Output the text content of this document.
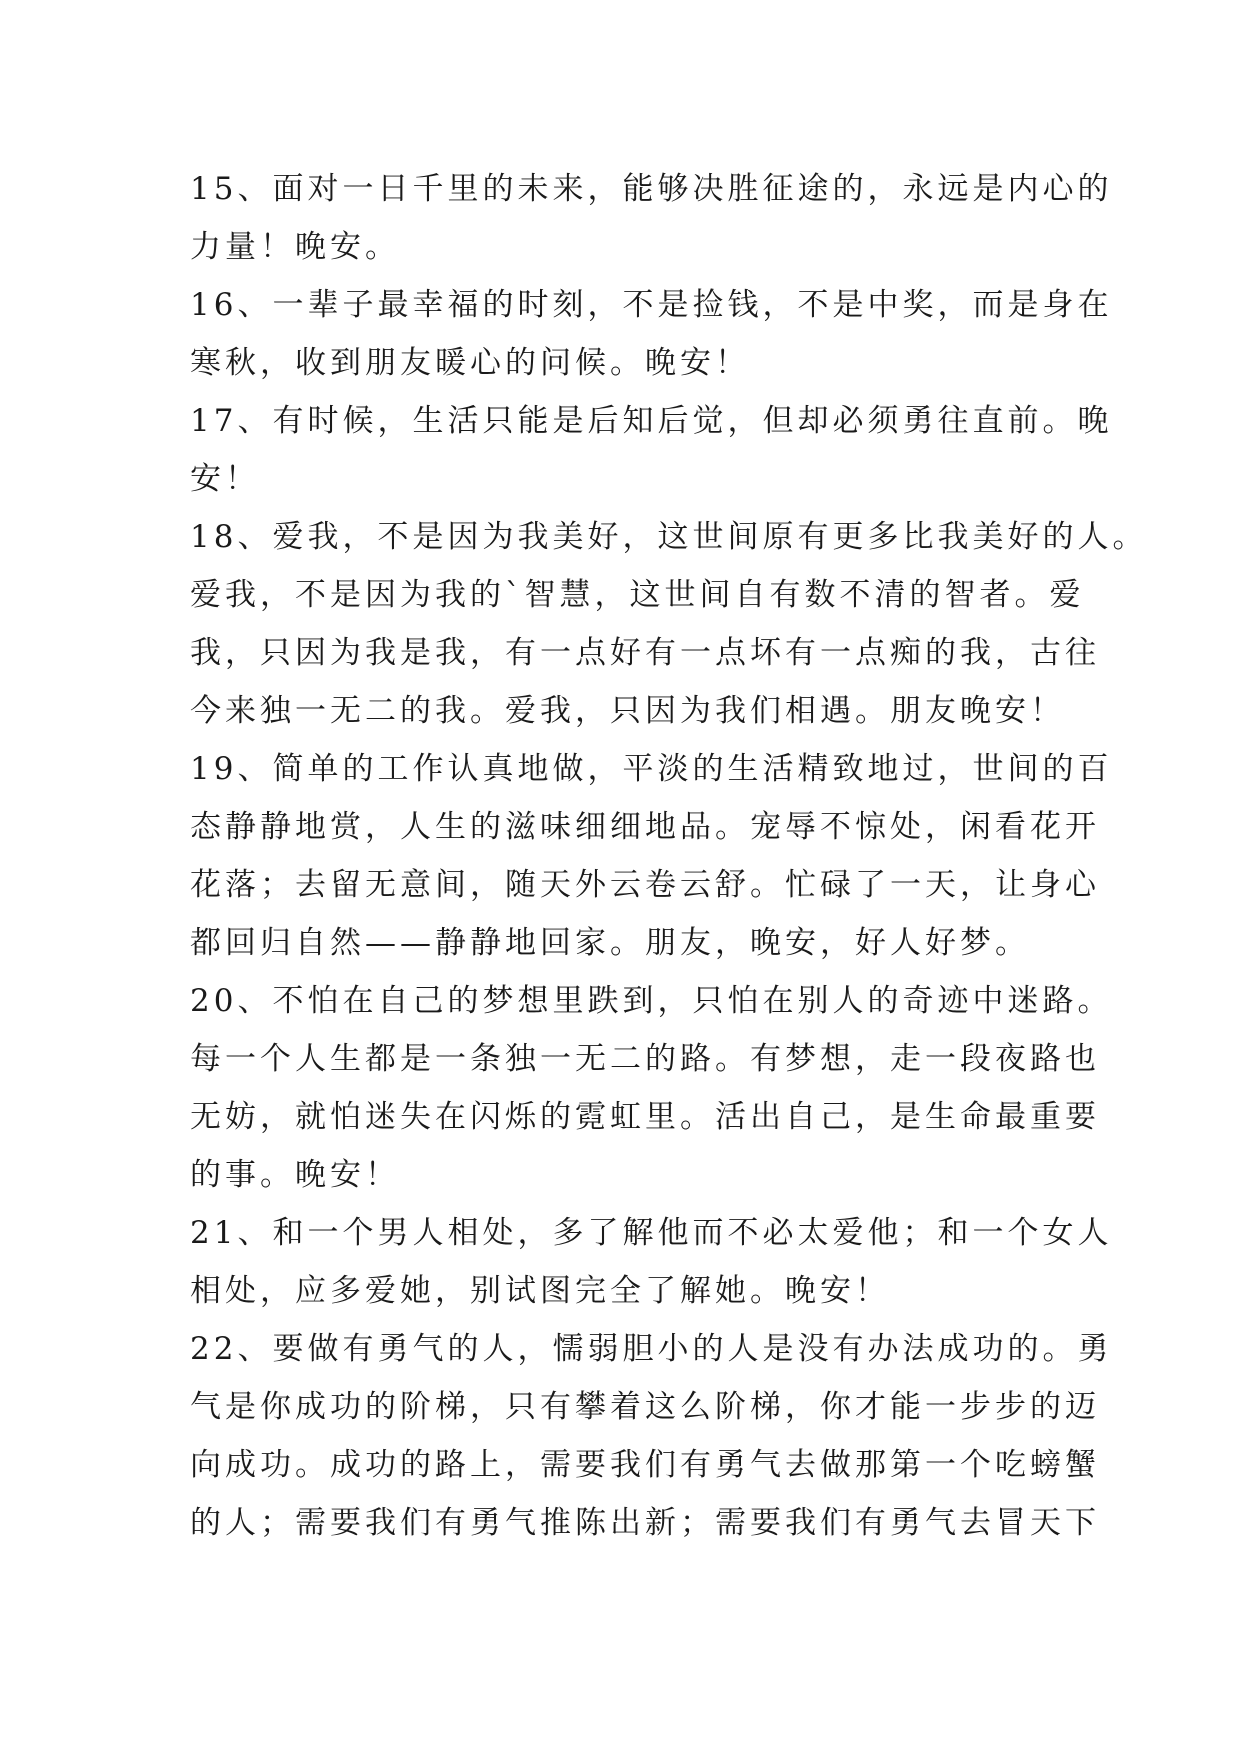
15、面对一日千里的未来，能够决胜征途的，永远是内心的
力量！晚安。
16、一辈子最幸福的时刻，不是捡钱，不是中奖，而是身在
寒秋，收到朋友暖心的问候。晚安！
17、有时候，生活只能是后知后觉，但却必须勇往直前。晚
安！
18、爱我，不是因为我美好，这世间原有更多比我美好的人。
爱我，不是因为我的`智慧，这世间自有数不清的智者。爱
我，只因为我是我，有一点好有一点坏有一点痴的我，古往
今来独一无二的我。爱我，只因为我们相遇。朋友晚安！
19、简单的工作认真地做，平淡的生活精致地过，世间的百
态静静地赏，人生的滋味细细地品。宠辱不惊处，闲看花开
花落；去留无意间，随天外云卷云舒。忙碌了一天，让身心
都回归自然——静静地回家。朋友，晚安，好人好梦。
20、不怕在自己的梦想里跌到，只怕在别人的奇迹中迷路。
每一个人生都是一条独一无二的路。有梦想，走一段夜路也
无妨，就怕迷失在闪烁的霓虹里。活出自己，是生命最重要
的事。晚安！
21、和一个男人相处，多了解他而不必太爱他；和一个女人
相处，应多爱她，别试图完全了解她。晚安！
22、要做有勇气的人，懦弱胆小的人是没有办法成功的。勇
气是你成功的阶梯，只有攀着这么阶梯，你才能一步步的迈
向成功。成功的路上，需要我们有勇气去做那第一个吃螃蟹
的人；需要我们有勇气推陈出新；需要我们有勇气去冒天下
